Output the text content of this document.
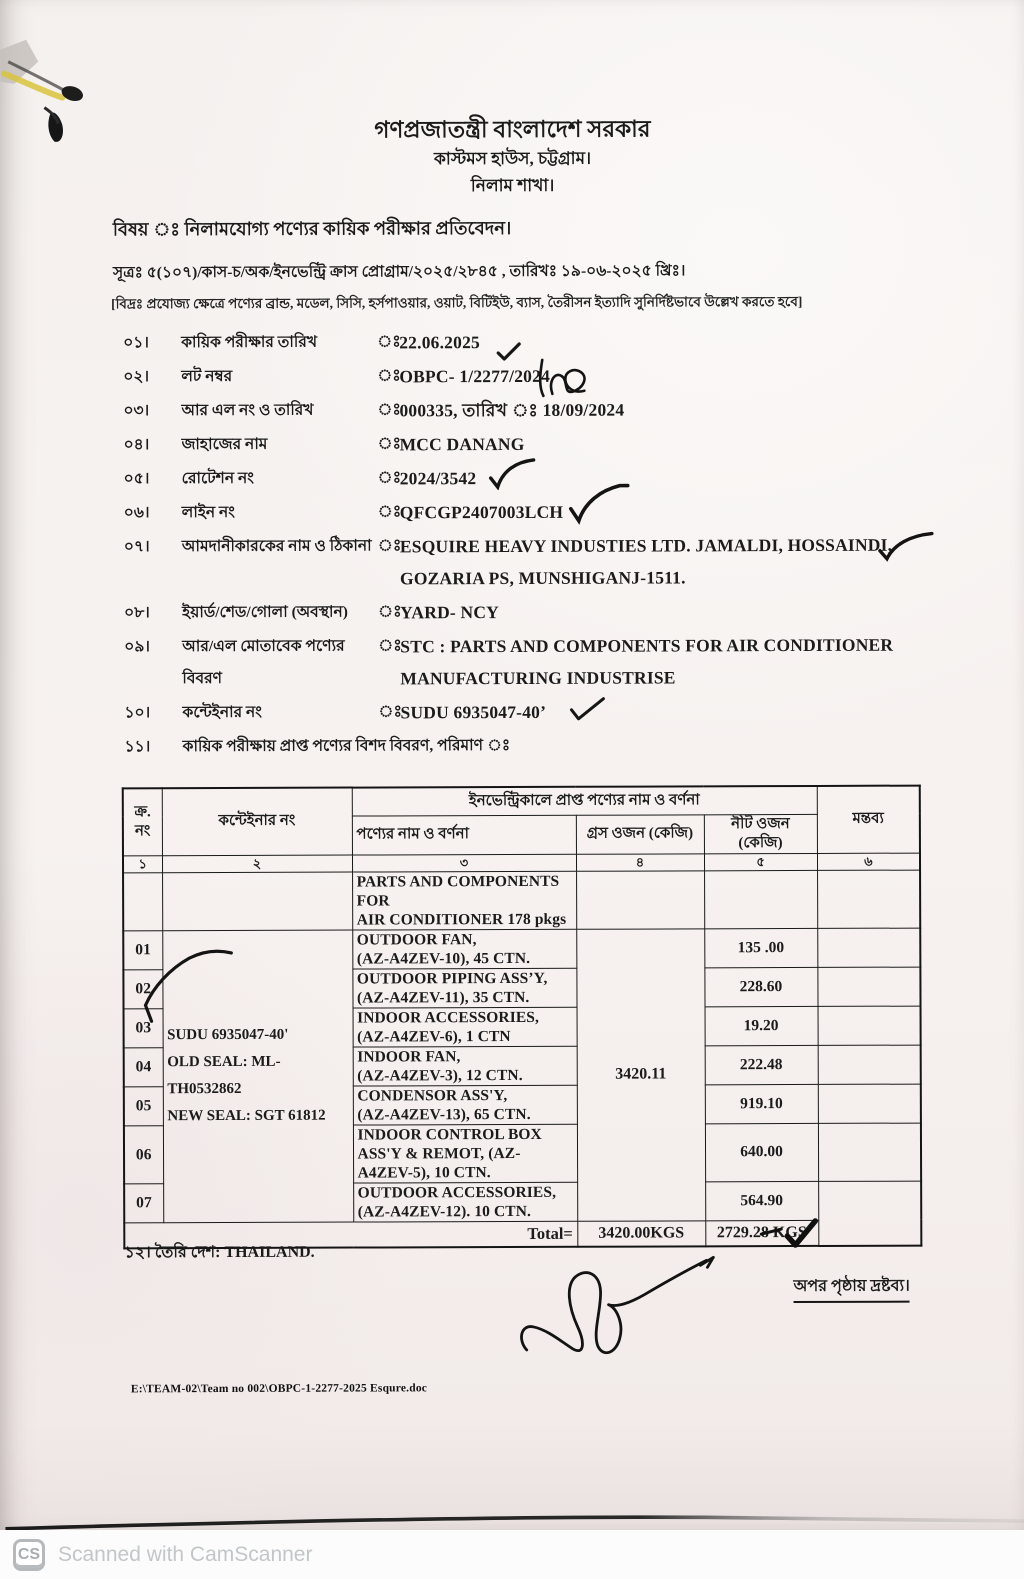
গণপ্রজাতন্ত্রী বাংলাদেশ সরকার
কাস্টমস হাউস, চট্টগ্রাম।
নিলাম শাখা।
বিষয় ঃ নিলামযোগ্য পণ্যের কায়িক পরীক্ষার প্রতিবেদন।
সূত্রঃ ৫(১০৭)/কাস-চ/অক/ইনভেন্ট্রি ক্রাস প্রোগ্রাম/২০২৫/২৮৪৫ , তারিখঃ ১৯-০৬-২০২৫ খ্রিঃ।
[বিদ্রঃ প্রযোজ্য ক্ষেত্রে পণ্যের ব্রান্ড, মডেল, সিসি, হর্সপাওয়ার, ওয়াট, বিটিইউ, ব্যাস, তৈরীসন ইত্যাদি সুনির্দিষ্টভাবে উল্লেখ করতে হবে]
০১।	কায়িক পরীক্ষার তারিখ	ঃ
22.06.2025
০২।	লট নম্বর	ঃ
OBPC- 1/2277/2024
০৩।	আর এল নং ও তারিখ	ঃ
000335, তারিখ ঃ 18/09/2024
০৪।	জাহাজের নাম	ঃ
MCC DANANG
০৫।	রোটেশন নং	ঃ
2024/3542
০৬।	লাইন নং	ঃ
QFCGP2407003LCH
০৭।	আমদানীকারকের নাম ও ঠিকানা ঃ
ESQUIRE HEAVY INDUSTIES LTD. JAMALDI, HOSSAINDI,
GOZARIA PS, MUNSHIGANJ-1511.
০৮।	ইয়ার্ড/শেড/গোলা (অবস্থান)	ঃ
YARD- NCY
০৯।	আর/এল মোতাবেক পণ্যের বিবরণ
ঃ
STC : PARTS AND COMPONENTS FOR AIR CONDITIONER
MANUFACTURING INDUSTRISE
১০।	কন্টেইনার নং	ঃ
SUDU 6935047-40’
১১।	কায়িক পরীক্ষায় প্রাপ্ত পণ্যের বিশদ বিবরণ, পরিমাণ ঃ
ক্র.
নং	কন্টেইনার নং	ইনভেন্ট্রিকালে প্রাপ্ত পণ্যের নাম ও বর্ণনা			মন্তব্য
		পণ্যের নাম ও বর্ণনা	গ্রস ওজন (কেজি)	নীট ওজন (কেজি)	
১	২	৩	৪	৫	৬
		PARTS AND COMPONENTS FOR
AIR CONDITIONER 178 pkgs			
01	SUDU 6935047-40'
OLD SEAL: ML-TH0532862
NEW SEAL: SGT 61812	OUTDOOR FAN,
(AZ-A4ZEV-10), 45 CTN.	3420.11	135 .00	
02		OUTDOOR PIPING ASS’Y,
(AZ-A4ZEV-11), 35 CTN.		228.60	
03		INDOOR ACCESSORIES,
(AZ-A4ZEV-6), 1 CTN		19.20	
04		INDOOR FAN,
(AZ-A4ZEV-3), 12 CTN.		222.48	
05		CONDENSOR ASS'Y,
(AZ-A4ZEV-13), 65 CTN.		919.10	
06		INDOOR CONTROL BOX
ASS'Y & REMOT, (AZ-
A4ZEV-5), 10 CTN.		640.00	
07		OUTDOOR ACCESSORIES,
(AZ-A4ZEV-12). 10 CTN.		564.90	
Total=			3420.00KGS	2729.28 KGS	
১২। তৈরি দেশ: THAILAND.
অপর পৃষ্ঠায় দ্রষ্টব্য।
E:\TEAM-02\Team no 002\OBPC-1-2277-2025 Esqure.doc
CS Scanned with CamScanner
